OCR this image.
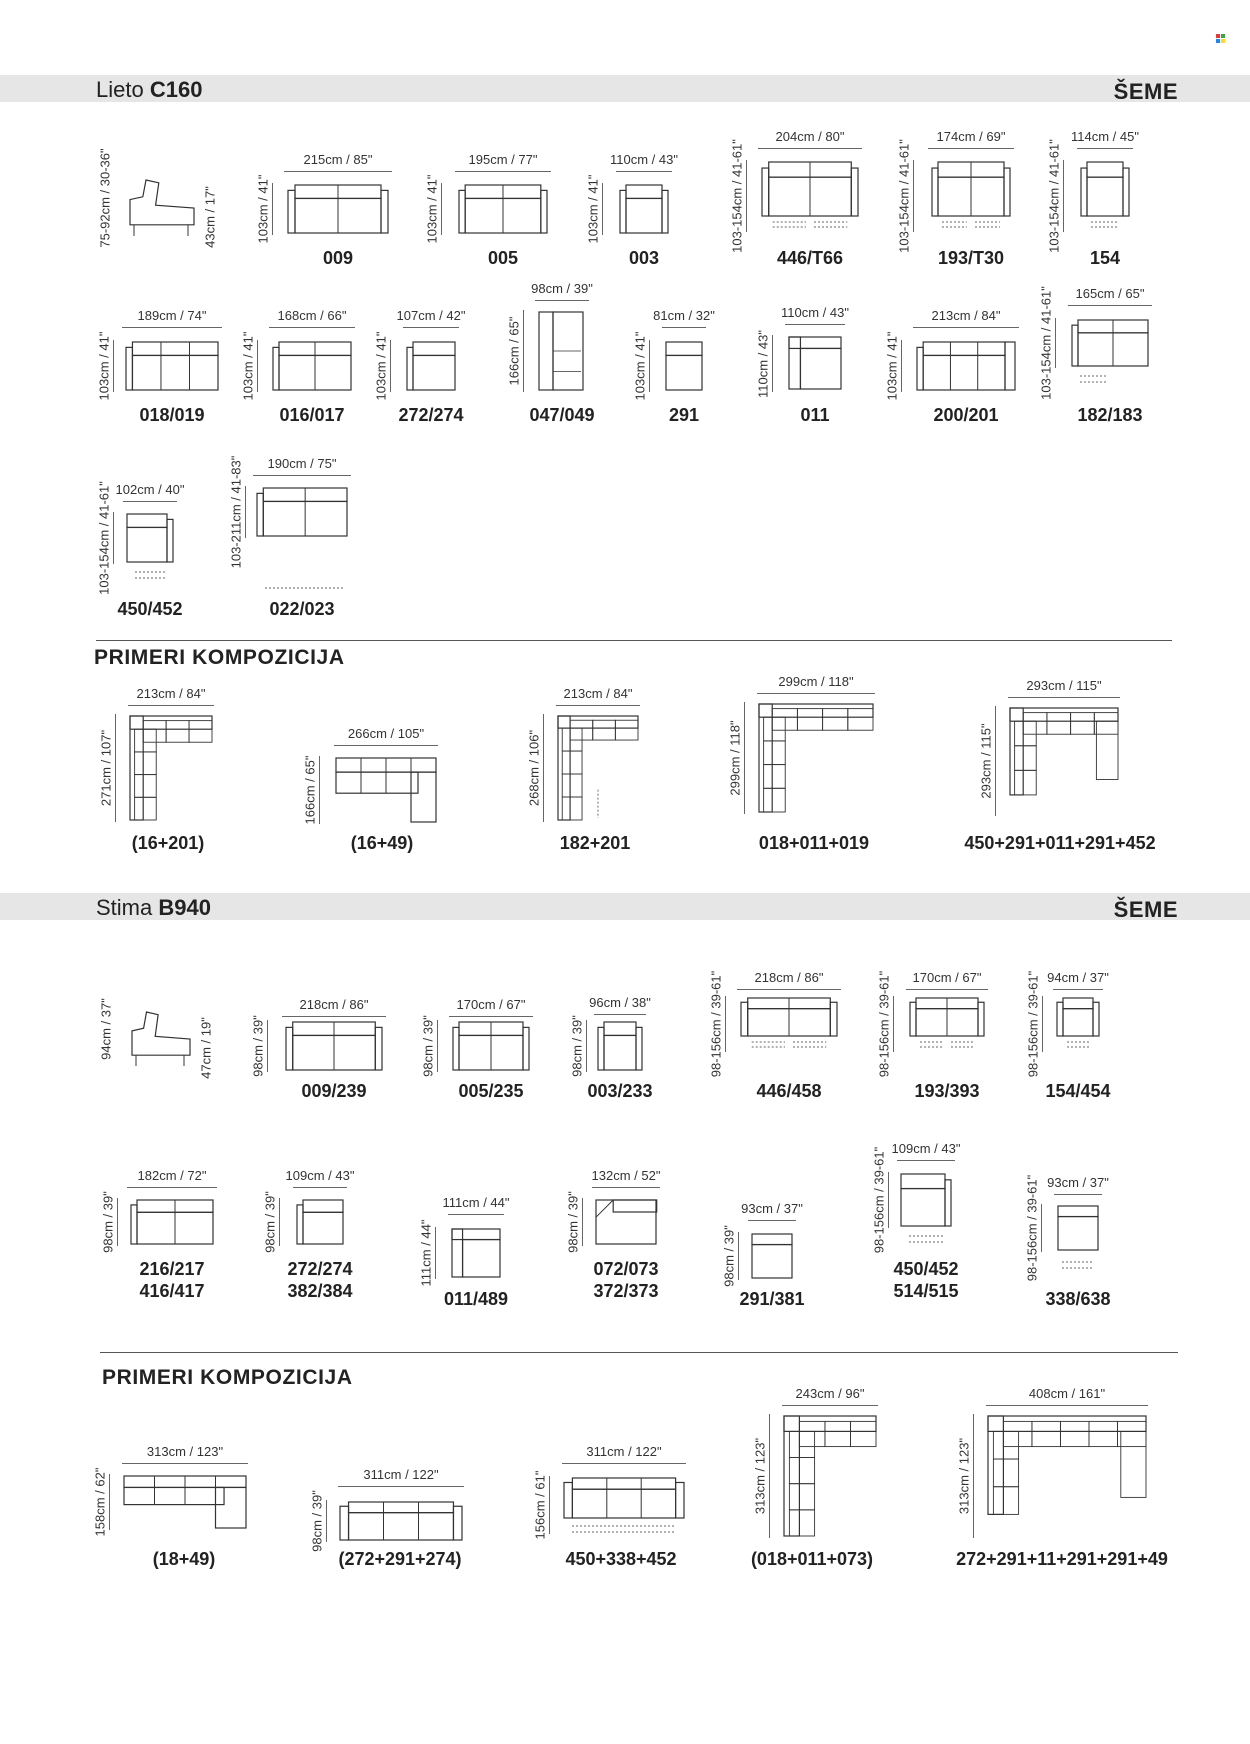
Lieto C160	ŠEME
75-92cm / 30-36"	43cm / 17"
215cm / 85"
103cm / 41"
009
195cm / 77"
103cm / 41"
005
110cm / 43"
103cm / 41"
003
204cm / 80"
103-154cm / 41-61"
446/T66
174cm / 69"
103-154cm / 41-61"
193/T30
114cm / 45"
103-154cm / 41-61"
154
189cm / 74"
103cm / 41"
018/019
168cm / 66"
103cm / 41"
016/017
107cm / 42"
103cm / 41"
272/274
98cm / 39"
166cm / 65"
047/049
81cm / 32"
103cm / 41"
291
110cm / 43"
110cm / 43"
011
213cm / 84"
103cm / 41"
200/201
165cm / 65"
103-154cm / 41-61"
182/183
102cm / 40"
103-154cm / 41-61"
450/452
190cm / 75"
103-211cm / 41-83"
022/023
PRIMERI KOMPOZICIJA
213cm / 84"
271cm / 107"
(16+201)
266cm / 105"
166cm / 65"
(16+49)
213cm / 84"
268cm / 106"
182+201
299cm / 118"
299cm / 118"
018+011+019
293cm / 115"
293cm / 115"
450+291+011+291+452
Stima B940	ŠEME
94cm / 37"	47cm / 19"
218cm / 86"
98cm / 39"
009/239
170cm / 67"
98cm / 39"
005/235
96cm / 38"
98cm / 39"
003/233
218cm / 86"
98-156cm / 39-61"
446/458
170cm / 67"
98-156cm / 39-61"
193/393
94cm / 37"
98-156cm / 39-61"
154/454
182cm / 72"
98cm / 39"
216/217
416/417
109cm / 43"
98cm / 39"
272/274
382/384
111cm / 44"
111cm / 44"
011/489
132cm / 52"
98cm / 39"
072/073
372/373
93cm / 37"
98cm / 39"
291/381
109cm / 43"
98-156cm / 39-61"
450/452
514/515
93cm / 37"
98-156cm / 39-61"
338/638
PRIMERI KOMPOZICIJA
313cm / 123"
158cm / 62"
(18+49)
311cm / 122"
98cm / 39"
(272+291+274)
311cm / 122"
156cm / 61"
450+338+452
243cm / 96"
313cm / 123"
(018+011+073)
408cm / 161"
313cm / 123"
272+291+11+291+291+49
